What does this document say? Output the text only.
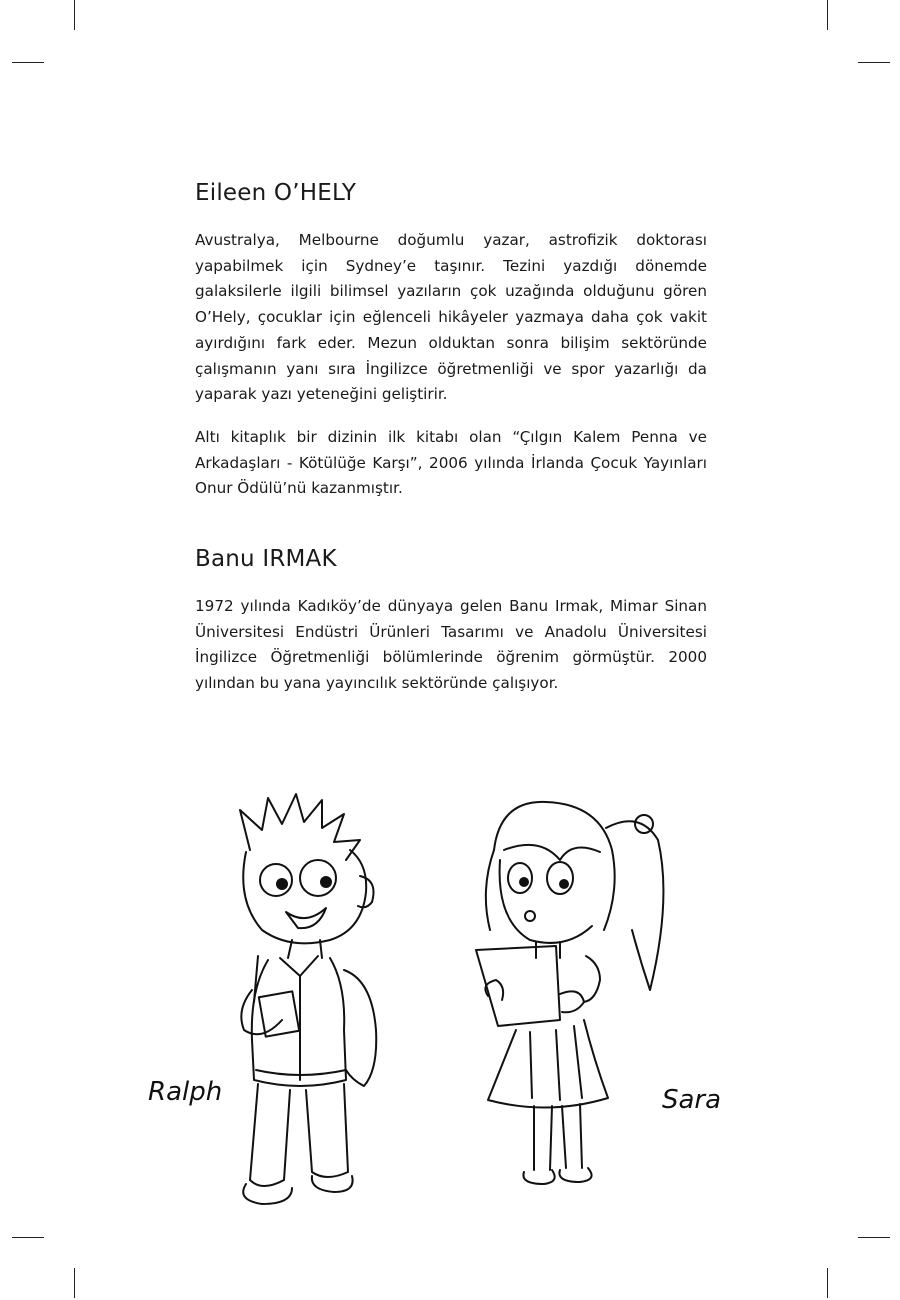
Eileen O’HELY

Avustralya, Melbourne doğumlu yazar, astrofizik doktorası yapabilmek için Sydney’e taşınır. Tezini yazdığı dönemde galaksilerle ilgili bilimsel yazıların çok uzağında olduğunu gören O’Hely, çocuklar için eğlenceli hikâyeler yazmaya daha çok vakit ayırdığını fark eder. Mezun olduktan sonra bilişim sektöründe çalışmanın yanı sıra İngilizce öğretmenliği ve spor yazarlığı da yaparak yazı yeteneğini geliştirir.

Altı kitaplık bir dizinin ilk kitabı olan “Çılgın Kalem Penna ve Arkadaşları - Kötülüğe Karşı”, 2006 yılında İrlanda Çocuk Yayınları Onur Ödülü’nü kazanmıştır.

Banu IRMAK

1972 yılında Kadıköy’de dünyaya gelen Banu Irmak, Mimar Sinan Üniversitesi Endüstri Ürünleri Tasarımı ve Anadolu Üniversitesi İngilizce Öğretmenliği bölümlerinde öğrenim görmüştür. 2000 yılından bu yana yayıncılık sektöründe çalışıyor.

Ralph	Sara
